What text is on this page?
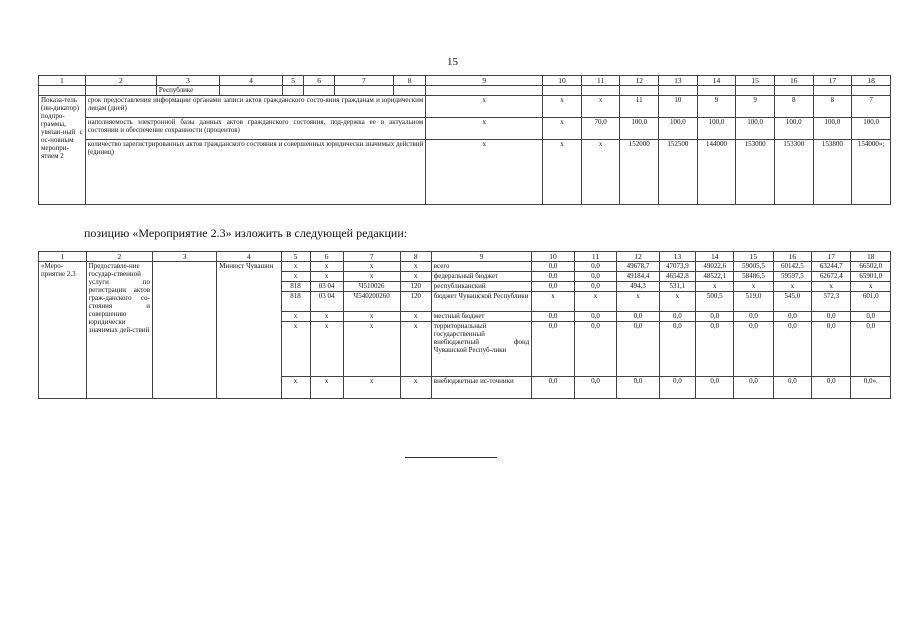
15
1	2	3	4	5	6	7	8	9	10	11	12	13	14	15	16	17	18
		Республике															
Показа-тель (ин-дикатор) подпро-граммы, увязан-ный с ос-новным меропри-ятием 2	срок предоставления информации органами записи актов гражданского состо-яния гражданам и юридическим лицам (дней)							x	x	x	11	10	9	9	8	8	7
	наполняемость электронной базы данных актов гражданского состояния, под-держка ее в актуальном состоянии и обеспечение сохранности (процентов)							x	x	70,0	100,0	100,0	100,0	100,0	100,0	100,0	100,0
	количество зарегистрированных актов гражданского состояния и совершенных юридически значимых действий (единиц)							x	x	x	152000	152500	144000	153000	153300	153800	154000»;
позицию «Мероприятие 2.3» изложить в следующей редакции:
1	2	3	4	5	6	7	8	9	10	11	12	13	14	15	16	17	18
«Меро-приятие 2.3	Предоставле-ние государ-ственной услуги по регистрации актов граж-данского со-стояния и совершению юридически значимых дей-ствий		Минюст Чувашии	x	x	x	x	всего	0,0	0,0	49678,7	47073,9	49022,6	59005,5	60142,5	63244,7	66502,0
				x	x	x	x	федеральный бюджет	0,0	0,0	49184,4	46542,8	48522,1	58486,5	59597,5	62672,4	65901,0
				818	03 04	Ч510026	120	республиканский	0,0	0,0	494,3	531,1	x	x	x	x	x
				818	03 04	Ч540200260	120	бюджет Чувашской Республики	x	x	x	x	500,5	519,0	545,0	572,3	601,0
				x	x	x	x	местный бюджет	0,0	0,0	0,0	0,0	0,0	0,0	0,0	0,0	0,0
				x	x	x	x	территориальный государственный внебюджетный фонд Чувашской Респуб-лики	0,0	0,0	0,0	0,0	0,0	0,0	0,0	0,0	0,0
				x	x	x	x	внебюджетные ис-точники	0,0	0,0	0,0	0,0	0,0	0,0	0,0	0,0	0,0».
